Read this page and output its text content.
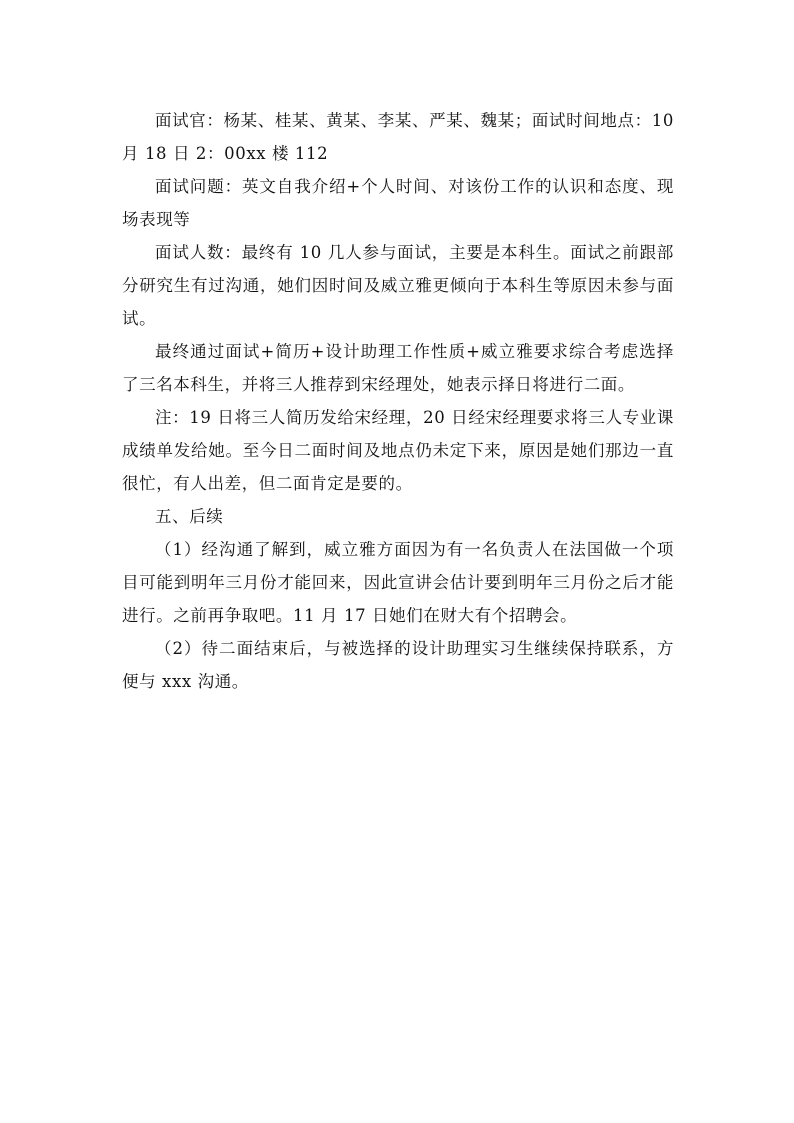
面试官：杨某、桂某、黄某、李某、严某、魏某；面试时间地点：10 月 18 日 2：00xx 楼 112

面试问题：英文自我介绍+个人时间、对该份工作的认识和态度、现场表现等

面试人数：最终有 10 几人参与面试，主要是本科生。面试之前跟部分研究生有过沟通，她们因时间及威立雅更倾向于本科生等原因未参与面试。

最终通过面试+简历+设计助理工作性质+威立雅要求综合考虑选择了三名本科生，并将三人推荐到宋经理处，她表示择日将进行二面。

注：19 日将三人简历发给宋经理，20 日经宋经理要求将三人专业课成绩单发给她。至今日二面时间及地点仍未定下来，原因是她们那边一直很忙，有人出差，但二面肯定是要的。

五、后续

（1）经沟通了解到，威立雅方面因为有一名负责人在法国做一个项目可能到明年三月份才能回来，因此宣讲会估计要到明年三月份之后才能进行。之前再争取吧。11 月 17 日她们在财大有个招聘会。

（2）待二面结束后，与被选择的设计助理实习生继续保持联系，方便与 xxx 沟通。
